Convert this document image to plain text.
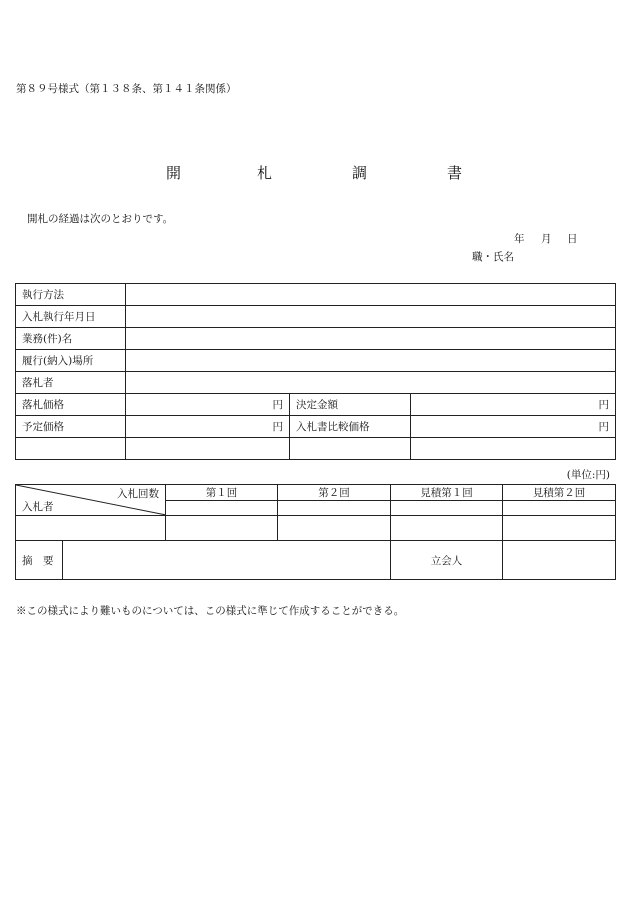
第８９号様式（第１３８条、第１４１条関係）
開	札	調	書
開札の経過は次のとおりです。
年 月 日
職・氏名
執行方法			
入札執行年月日			
業務(件)名			
履行(納入)場所			
落札者			
落札価格	円	決定金額	円
予定価格	円	入札書比較価格	円

(単位:円)
入札回数
入札者	第１回	第２回	見積第１回	見積第２回

摘　要		立会人	
※この様式により難いものについては、この様式に準じて作成することができる。
